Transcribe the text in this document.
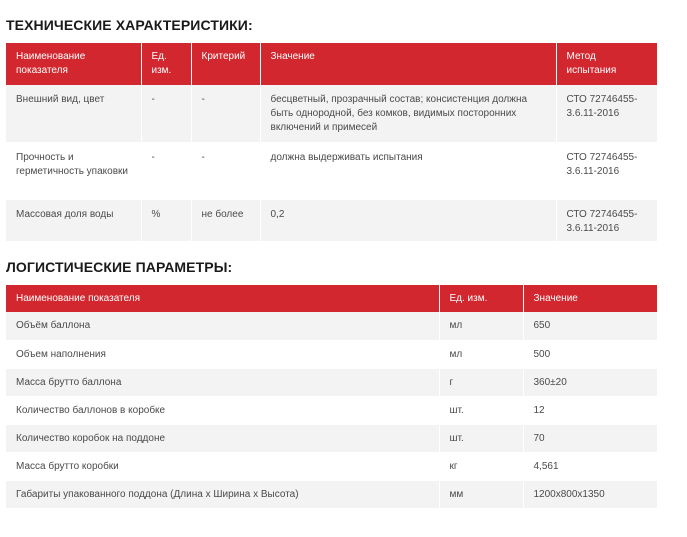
ТЕХНИЧЕСКИЕ ХАРАКТЕРИСТИКИ:
Наименование показателя	Ед. изм.	Критерий	Значение	Метод испытания
Внешний вид, цвет	-	-	бесцветный, прозрачный состав; консистенция должна быть однородной, без комков, видимых посторонних включений и примесей	СТО 72746455-3.6.11-2016
Прочность и герметичность упаковки	-	-	должна выдерживать испытания	СТО 72746455-3.6.11-2016
Массовая доля воды	%	не более	0,2	СТО 72746455-3.6.11-2016
ЛОГИСТИЧЕСКИЕ ПАРАМЕТРЫ:
Наименование показателя	Ед. изм.	Значение
Объём баллона	мл	650
Объем наполнения	мл	500
Масса брутто баллона	г	360±20
Количество баллонов в коробке	шт.	12
Количество коробок на поддоне	шт.	70
Масса брутто коробки	кг	4,561
Габариты упакованного поддона (Длина х Ширина х Высота)	мм	1200х800х1350
